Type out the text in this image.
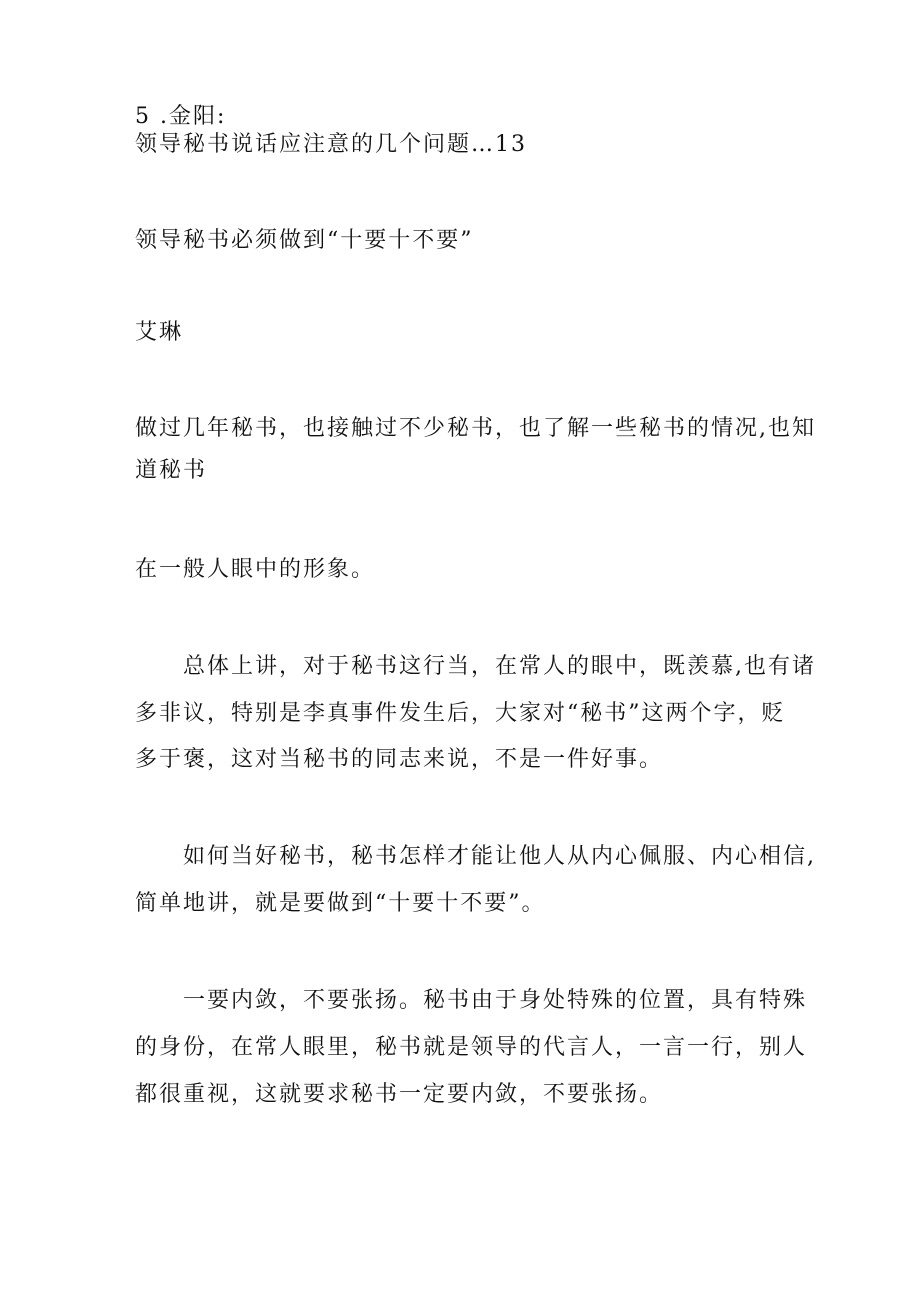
5 .金阳:

领导秘书说话应注意的几个问题…13

领导秘书必须做到“十要十不要”

艾琳

做过几年秘书，也接触过不少秘书，也了解一些秘书的情况,也知

道秘书

在一般人眼中的形象。

总体上讲，对于秘书这行当，在常人的眼中，既羡慕,也有诸

多非议，特别是李真事件发生后，大家对“秘书”这两个字，贬

多于褒，这对当秘书的同志来说，不是一件好事。

如何当好秘书，秘书怎样才能让他人从内心佩服、内心相信,

简单地讲，就是要做到“十要十不要”。

一要内敛，不要张扬。秘书由于身处特殊的位置，具有特殊

的身份，在常人眼里，秘书就是领导的代言人，一言一行，别人

都很重视，这就要求秘书一定要内敛，不要张扬。
